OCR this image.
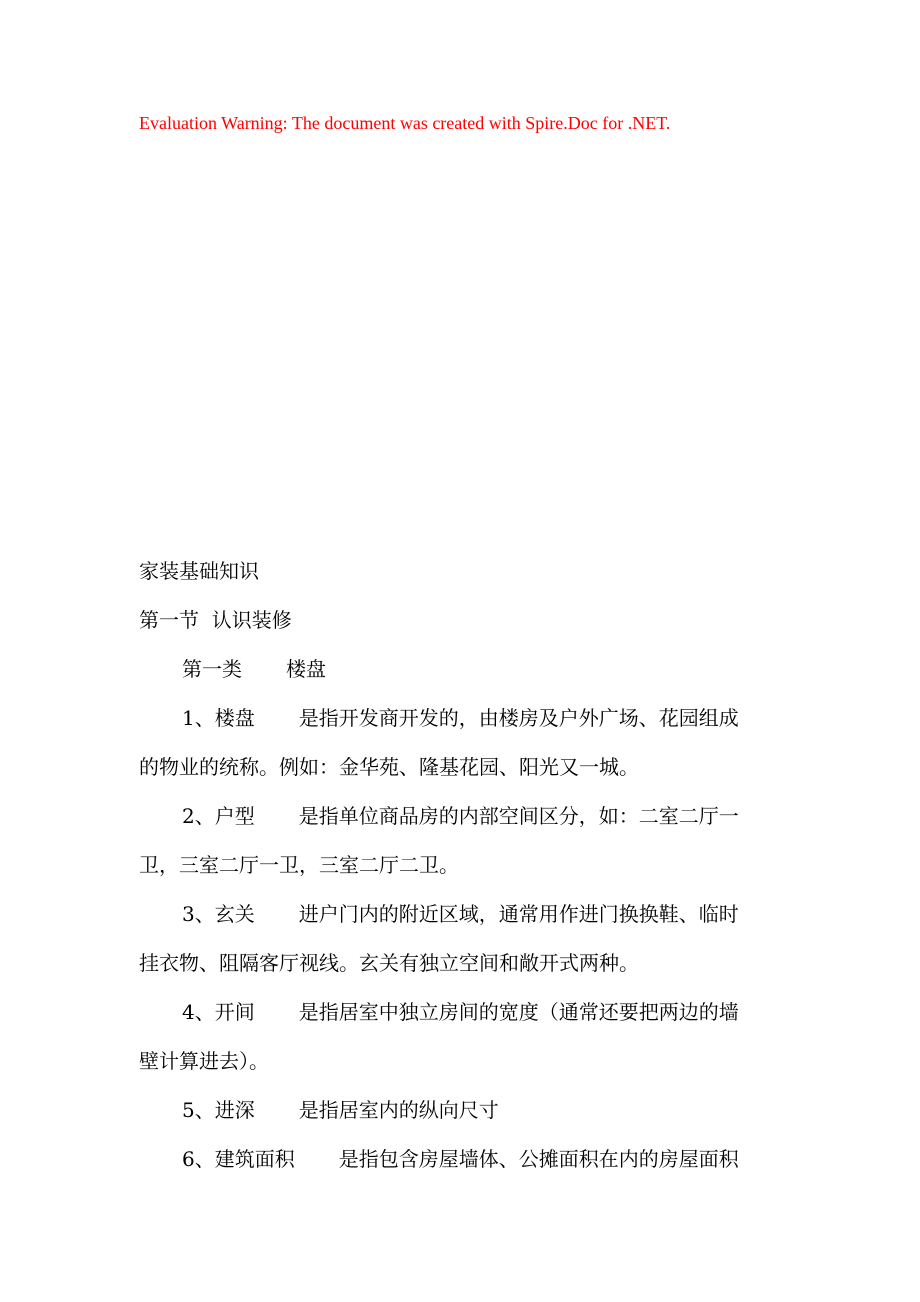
Evaluation Warning: The document was created with Spire.Doc for .NET.
家装基础知识
第一节  认识装修
第一类 楼盘
1、楼盘 是指开发商开发的，由楼房及户外广场、花园组成
的物业的统称。例如：金华苑、隆基花园、阳光又一城。
2、户型 是指单位商品房的内部空间区分，如：二室二厅一
卫，三室二厅一卫，三室二厅二卫。
3、玄关 进户门内的附近区域，通常用作进门换换鞋、临时
挂衣物、阻隔客厅视线。玄关有独立空间和敞开式两种。
4、开间 是指居室中独立房间的宽度（通常还要把两边的墙
壁计算进去）。
5、进深 是指居室内的纵向尺寸
6、建筑面积 是指包含房屋墙体、公摊面积在内的房屋面积
